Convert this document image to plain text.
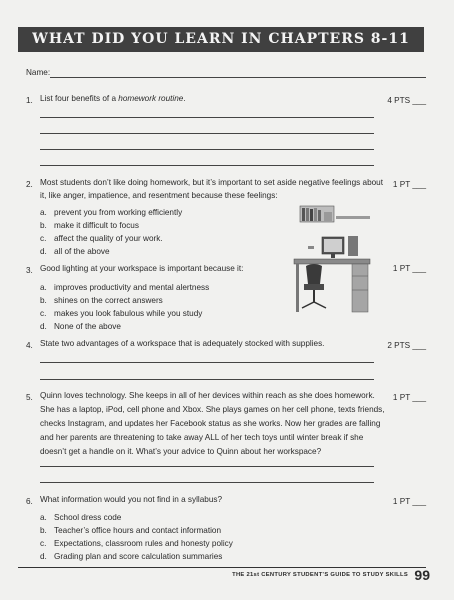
WHAT DID YOU LEARN IN CHAPTERS 8-11
Name:
1. List four benefits of a homework routine.	4 PTS ___
2. Most students don’t like doing homework, but it’s important to set aside negative feelings about
it, like anger, impatience, and resentment because these feelings:
1 PT ___
a. prevent you from working efficiently
b. make it difficult to focus
c. affect the quality of your work.
d. all of the above
3. Good lighting at your workspace is important because it:	1 PT ___
a. improves productivity and mental alertness
b. shines on the correct answers
c. makes you look fabulous while you study
d. None of the above
4. State two advantages of a workspace that is adequately stocked with supplies.	2 PTS ___
5. Quinn loves technology. She keeps in all of her devices within reach as she does homework.
She has a laptop, iPod, cell phone and Xbox. She plays games on her cell phone, texts friends,
checks Instagram, and updates her Facebook status as she works. Now her grades are falling
and her parents are threatening to take away ALL of her tech toys until winter break if she
doesn’t get a handle on it. What’s your advice to Quinn about her workspace?
1 PT ___
6. What information would you not find in a syllabus?	1 PT ___
a. School dress code
b. Teacher’s office hours and contact information
c. Expectations, classroom rules and honesty policy
d. Grading plan and score calculation summaries
THE 21st CENTURY STUDENT’S GUIDE TO STUDY SKILLS 99
